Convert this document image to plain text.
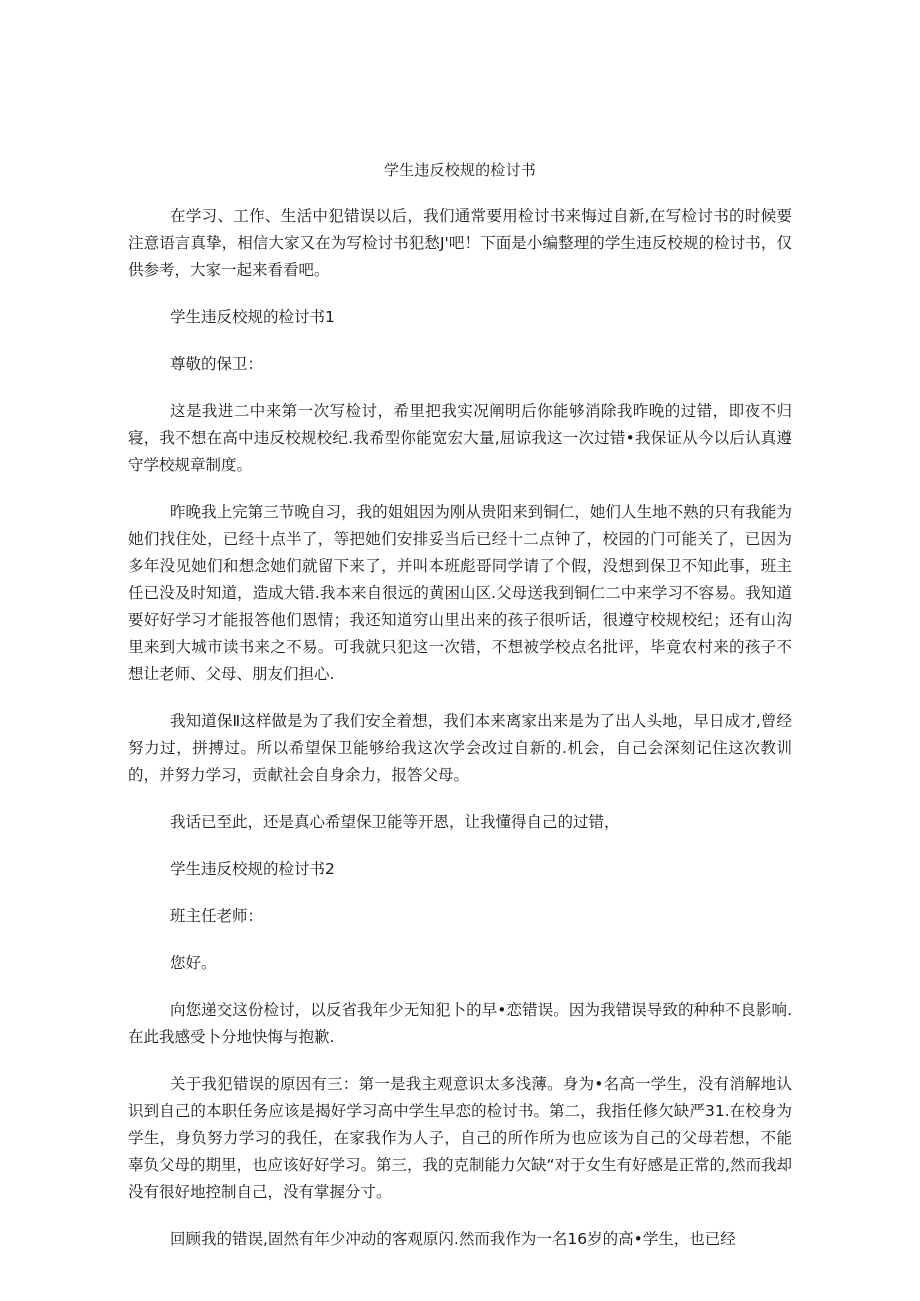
学生违反校规的检讨书

在学习、工作、生活中犯错误以后，我们通常要用检讨书来悔过自新,在写检讨书的时候要注意语言真挚，相信大家又在为写检讨书犯愁J'吧！下面是小编整理的学生违反校规的检讨书，仅供参考，大家一起来看看吧。

学生违反校规的检讨书1

尊敬的保卫：

这是我进二中来第一次写检讨，希里把我实况阐明后你能够消除我昨晚的过错，即夜不归寝，我不想在高中违反校规校纪.我希型你能宽宏大量,屈谅我这一次过错•我保证从今以后认真遵守学校规章制度。

昨晚我上完第三节晚自习，我的姐姐因为刚从贵阳来到铜仁，她们人生地不熟的只有我能为她们找住处，已经十点半了，等把她们安排妥当后已经十二点钟了，校园的门可能关了，已因为多年没见她们和想念她们就留下来了，并叫本班彪哥同学请了个假，没想到保卫不知此事，班主任已没及时知道，造成大错.我本来自很远的黄困山区.父母送我到铜仁二中来学习不容易。我知道要好好学习才能报答他们恩情；我还知道穷山里出来的孩子很听话，很遵守校规校纪；还有山沟里来到大城市读书来之不易。可我就只犯这一次错，不想被学校点名批评，毕竟农村来的孩子不想让老师、父母、朋友们担心.

我知道保Ⅱ这样做是为了我们安全着想，我们本来离家出来是为了出人头地，早日成才,曾经努力过，拼搏过。所以希望保卫能够给我这次学会改过自新的.机会，自己会深刻记住这次教训的，并努力学习，贡献社会自身余力，报答父母。

我话已至此，还是真心希望保卫能等开恩，让我懂得自己的过错，

学生违反校规的检讨书2

班主任老师：

您好。

向您递交这份检讨，以反省我年少无知犯卜的早•恋错误。因为我错误导致的种种不良影响.在此我感受卜分地快悔与抱歉.

关于我犯错误的原因有三：第一是我主观意识太多浅薄。身为•名高一学生，没有消解地认识到自己的本职任务应该是揭好学习高中学生早恋的检讨书。第二，我指任修欠缺严31.在校身为学生，身负努力学习的我任，在家我作为人子，自己的所作所为也应该为自己的父母若想，不能辜负父母的期里，也应该好好学习。第三，我的克制能力欠缺“对于女生有好感是正常的,然而我却没有很好地控制自己，没有掌握分寸。

回顾我的错误,固然有年少冲动的客观原闪.然而我作为一名16岁的高•学生，也已经
